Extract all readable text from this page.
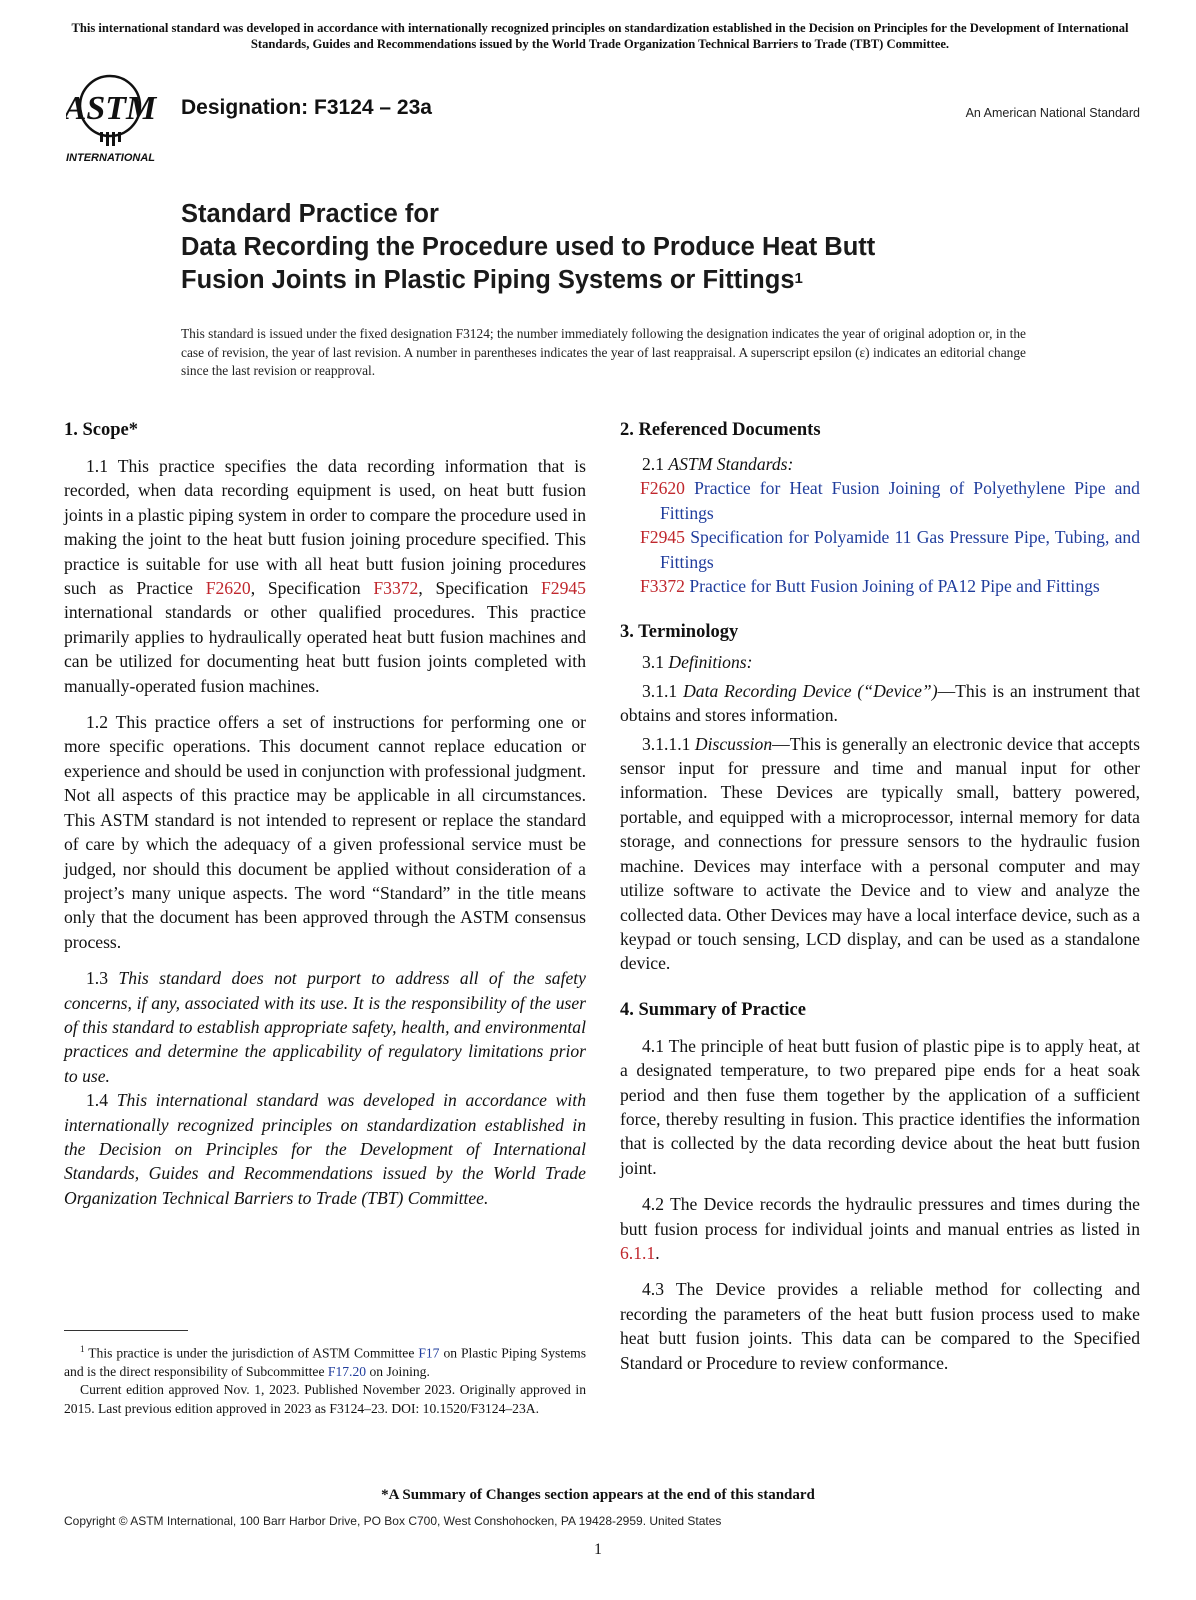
This international standard was developed in accordance with internationally recognized principles on standardization established in the Decision on Principles for the Development of International Standards, Guides and Recommendations issued by the World Trade Organization Technical Barriers to Trade (TBT) Committee.
ASTM
INTERNATIONAL
Designation: F3124 – 23a	An American National Standard
Standard Practice for
Data Recording the Procedure used to Produce Heat Butt
Fusion Joints in Plastic Piping Systems or Fittings$^1$
This standard is issued under the fixed designation F3124; the number immediately following the designation indicates the year of original adoption or, in the case of revision, the year of last revision. A number in parentheses indicates the year of last reappraisal. A superscript epsilon (ε) indicates an editorial change since the last revision or reapproval.
1. Scope*

1.1 This practice specifies the data recording information that is recorded, when data recording equipment is used, on heat butt fusion joints in a plastic piping system in order to compare the procedure used in making the joint to the heat butt fusion joining procedure specified. This practice is suitable for use with all heat butt fusion joining procedures such as Practice F2620, Specification F3372, Specification F2945 international standards or other qualified procedures. This practice primarily applies to hydraulically operated heat butt fusion machines and can be utilized for documenting heat butt fusion joints completed with manually-operated fusion machines.

1.2 This practice offers a set of instructions for performing one or more specific operations. This document cannot replace education or experience and should be used in conjunction with professional judgment. Not all aspects of this practice may be applicable in all circumstances. This ASTM standard is not intended to represent or replace the standard of care by which the adequacy of a given professional service must be judged, nor should this document be applied without consideration of a project’s many unique aspects. The word “Standard” in the title means only that the document has been approved through the ASTM consensus process.

1.3 This standard does not purport to address all of the safety concerns, if any, associated with its use. It is the responsibility of the user of this standard to establish appropriate safety, health, and environmental practices and determine the applicability of regulatory limitations prior to use.

1.4 This international standard was developed in accordance with internationally recognized principles on standardization established in the Decision on Principles for the Development of International Standards, Guides and Recommendations issued by the World Trade Organization Technical Barriers to Trade (TBT) Committee.

2. Referenced Documents

2.1 ASTM Standards:

F2620 Practice for Heat Fusion Joining of Polyethylene Pipe and Fittings

F2945 Specification for Polyamide 11 Gas Pressure Pipe, Tubing, and Fittings

F3372 Practice for Butt Fusion Joining of PA12 Pipe and Fittings

3. Terminology

3.1 Definitions:

3.1.1 Data Recording Device (“Device”)—This is an instrument that obtains and stores information.

3.1.1.1 Discussion—This is generally an electronic device that accepts sensor input for pressure and time and manual input for other information. These Devices are typically small, battery powered, portable, and equipped with a microprocessor, internal memory for data storage, and connections for pressure sensors to the hydraulic fusion machine. Devices may interface with a personal computer and may utilize software to activate the Device and to view and analyze the collected data. Other Devices may have a local interface device, such as a keypad or touch sensing, LCD display, and can be used as a standalone device.

4. Summary of Practice

4.1 The principle of heat butt fusion of plastic pipe is to apply heat, at a designated temperature, to two prepared pipe ends for a heat soak period and then fuse them together by the application of a sufficient force, thereby resulting in fusion. This practice identifies the information that is collected by the data recording device about the heat butt fusion joint.

4.2 The Device records the hydraulic pressures and times during the butt fusion process for individual joints and manual entries as listed in 6.1.1.

4.3 The Device provides a reliable method for collecting and recording the parameters of the heat butt fusion process used to make heat butt fusion joints. This data can be compared to the Specified Standard or Procedure to review conformance.

$^1$ This practice is under the jurisdiction of ASTM Committee F17 on Plastic Piping Systems and is the direct responsibility of Subcommittee F17.20 on Joining.

Current edition approved Nov. 1, 2023. Published November 2023. Originally approved in 2015. Last previous edition approved in 2023 as F3124–23. DOI: 10.1520/F3124–23A.

*A Summary of Changes section appears at the end of this standard
Copyright © ASTM International, 100 Barr Harbor Drive, PO Box C700, West Conshohocken, PA 19428-2959. United States
1
